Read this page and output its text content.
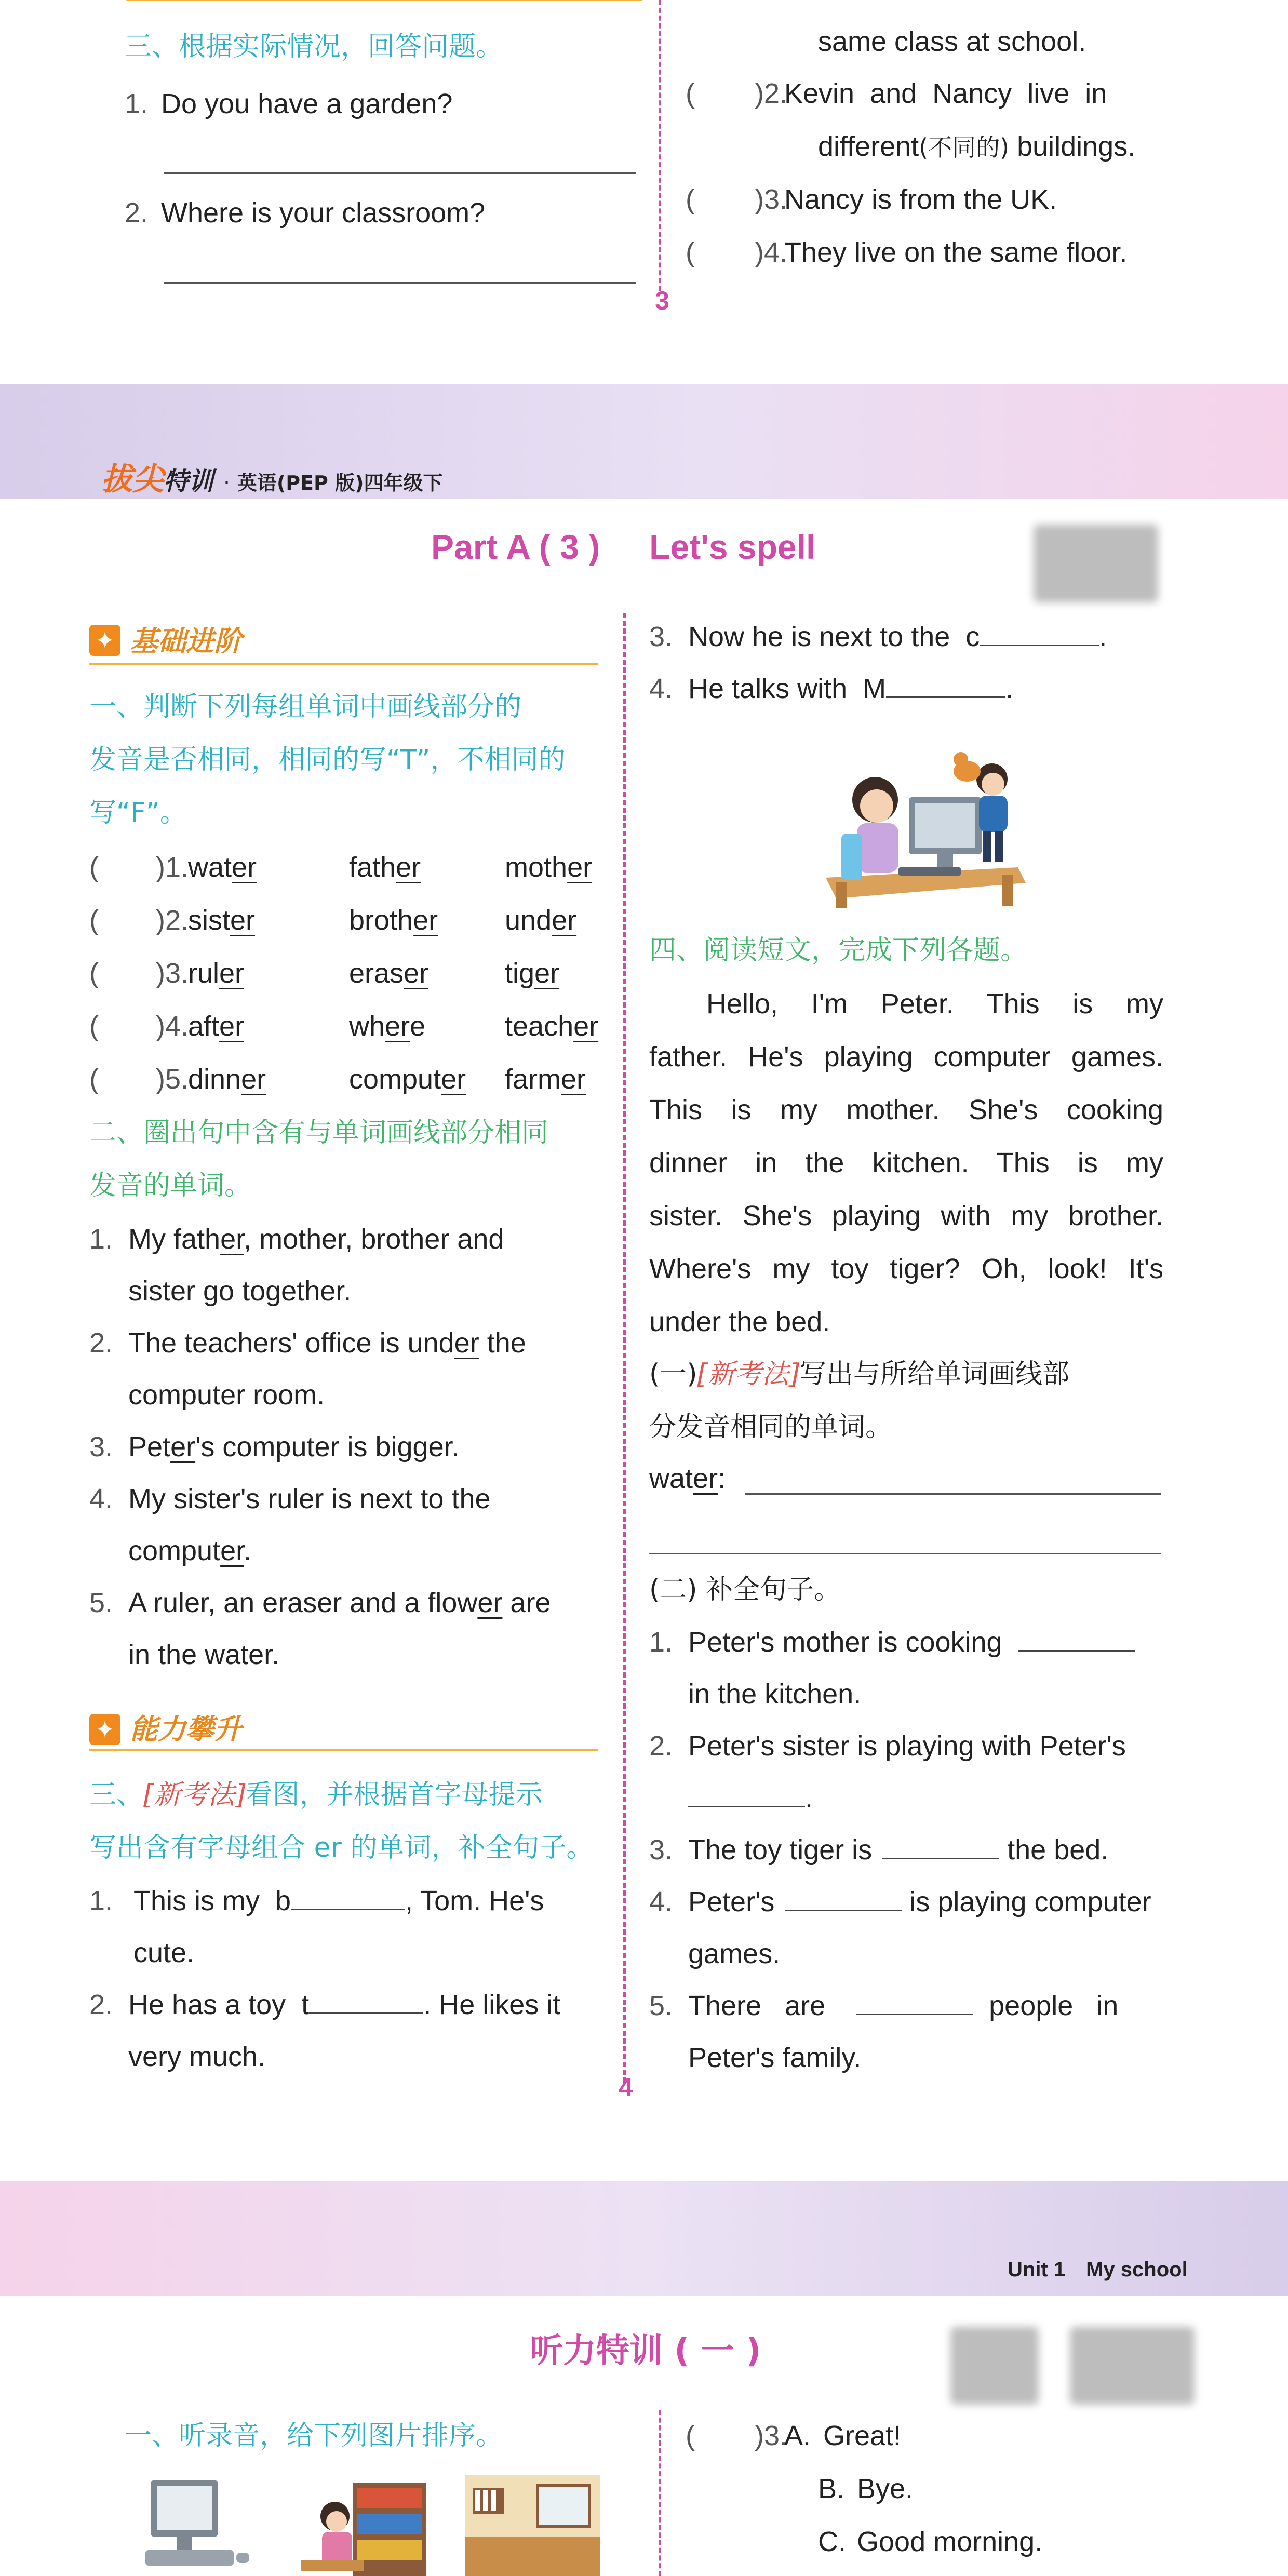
三、根据实际情况，回答问题。
1. Do you have a garden?
2. Where is your classroom?
same class at school.
( )2.Kevin  and  Nancy  live  in
different(不同的) buildings.
( )3.Nancy is from the UK.
( )4.They live on the same floor.
3
拔尖特训 · 英语(PEP 版)四年级下
Part A ( 3 ) Let's spell
✦ 基础进阶
一、判断下列每组单词中画线部分的
发音是否相同，相同的写“T”，不相同的
写“F”。
( )1.water	father	mother
( )2.sister	brother under
( )3.ruler	eraser	tiger
( )4.after	where	teacher
( )5.dinner	computer farmer
二、圈出句中含有与单词画线部分相同
发音的单词。
1. My father, mother, brother and
sister go together.
2. The teachers' office is under the
computer room.
3. Peter's computer is bigger.
4. My sister's ruler is next to the
computer.
5. A ruler, an eraser and a flower are
in the water.
✦ 能力攀升
三、[新考法]看图，并根据首字母提示
写出含有字母组合 er 的单词，补全句子。
1. This is my  b	, Tom. He's
cute.
2. He has a toy  t	. He likes it
very much.
4
3. Now he is next to the  c	.
4. He talks with  M	.
四、阅读短文，完成下列各题。
Hello,  I'm  Peter.  This  is  my
father. He's playing computer games.
This  is  my  mother.  She's  cooking
dinner  in  the  kitchen.  This  is  my
sister. She's playing with my brother.
Where's my toy tiger? Oh, look! It's
under the bed.
(一)[新考法]写出与所给单词画线部
分发音相同的单词。
water:
(二) 补全句子。
1. Peter's mother is cooking
in the kitchen.
2. Peter's sister is playing with Peter's
.
3. The toy tiger is	the bed.
4. Peter's	is playing computer
games.
5. There   are	people   in
Peter's family.
Unit 1 My school
听力特训 ( 一 )
一、听录音，给下列图片排序。	( )3.A. Great!
B. Bye.
C. Good morning.
